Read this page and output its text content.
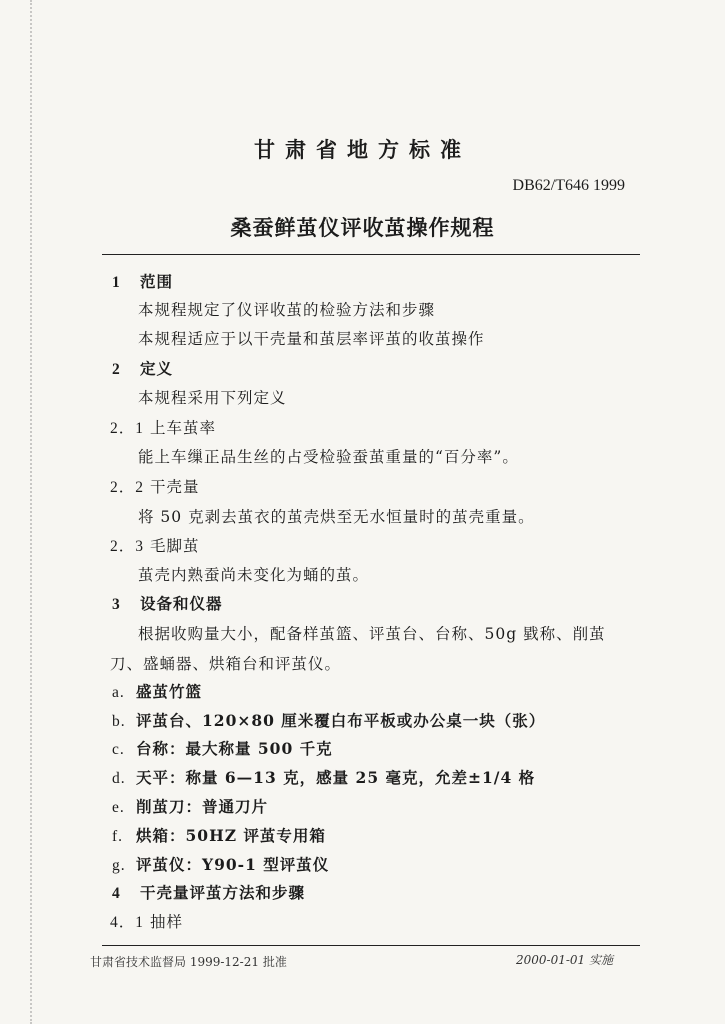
甘肃省地方标准
DB62/T646 1999
桑蚕鲜茧仪评收茧操作规程
1 范围
本规程规定了仪评收茧的检验方法和步骤
本规程适应于以干壳量和茧层率评茧的收茧操作
2 定义
本规程采用下列定义
2．1 上车茧率
能上车缫正品生丝的占受检验蚕茧重量的“百分率”。
2．2 干壳量
将 50 克剥去茧衣的茧壳烘至无水恒量时的茧壳重量。
2．3 毛脚茧
茧壳内熟蚕尚未变化为蛹的茧。
3 设备和仪器
根据收购量大小，配备样茧篮、评茧台、台称、50g 戥称、削茧
刀、盛蛹器、烘箱台和评茧仪。
a. 盛茧竹篮
b. 评茧台、120×80 厘米覆白布平板或办公桌一块（张）
c. 台称：最大称量 500 千克
d. 天平：称量 6—13 克，感量 25 毫克，允差±1/4 格
e. 削茧刀：普通刀片
f. 烘箱：50HZ 评茧专用箱
g. 评茧仪：Y90-1 型评茧仪
4 干壳量评茧方法和步骤
4．1 抽样
甘肃省技术监督局 1999-12-21 批准	2000-01-01 实施
